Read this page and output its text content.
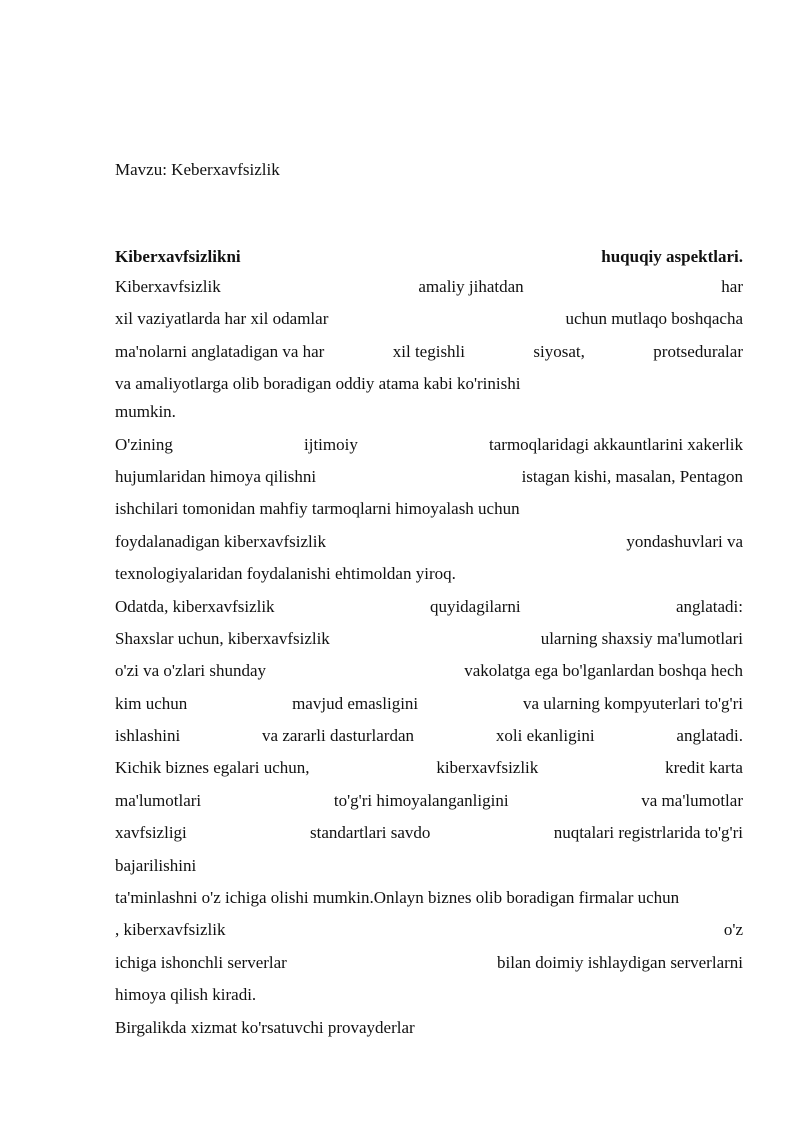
Mavzu: Keberxavfsizlik
Kiberxavfsizlikni	huquqiy aspektlari.
Kiberxavfsizlik	amaliy jihatdan	har
xil vaziyatlarda har xil odamlar	uchun mutlaqo boshqacha
ma'nolarni anglatadigan va har	xil tegishli	siyosat,	protseduralar
va amaliyotlarga olib boradigan oddiy atama kabi ko'rinishi
mumkin.
O'zining	ijtimoiy	tarmoqlaridagi akkauntlarini xakerlik
hujumlaridan himoya qilishni	istagan kishi, masalan, Pentagon
ishchilari tomonidan mahfiy tarmoqlarni himoyalash uchun
foydalanadigan kiberxavfsizlik	yondashuvlari va
texnologiyalaridan foydalanishi ehtimoldan yiroq.
Odatda, kiberxavfsizlik	quyidagilarni	anglatadi:
Shaxslar uchun, kiberxavfsizlik	ularning shaxsiy ma'lumotlari
o'zi va o'zlari shunday	vakolatga ega bo'lganlardan boshqa hech
kim uchun	mavjud emasligini	va ularning kompyuterlari to'g'ri
ishlashini	va zararli dasturlardan	xoli ekanligini	anglatadi.
Kichik biznes egalari uchun,	kiberxavfsizlik	kredit karta
ma'lumotlari	to'g'ri himoyalanganligini	va ma'lumotlar
xavfsizligi	standartlari savdo	nuqtalari registrlarida to'g'ri
bajarilishini
ta'minlashni o'z ichiga olishi mumkin.Onlayn biznes olib boradigan firmalar uchun
, kiberxavfsizlik	o'z
ichiga ishonchli serverlar	bilan doimiy ishlaydigan serverlarni
himoya qilish kiradi.
Birgalikda xizmat ko'rsatuvchi provayderlar
